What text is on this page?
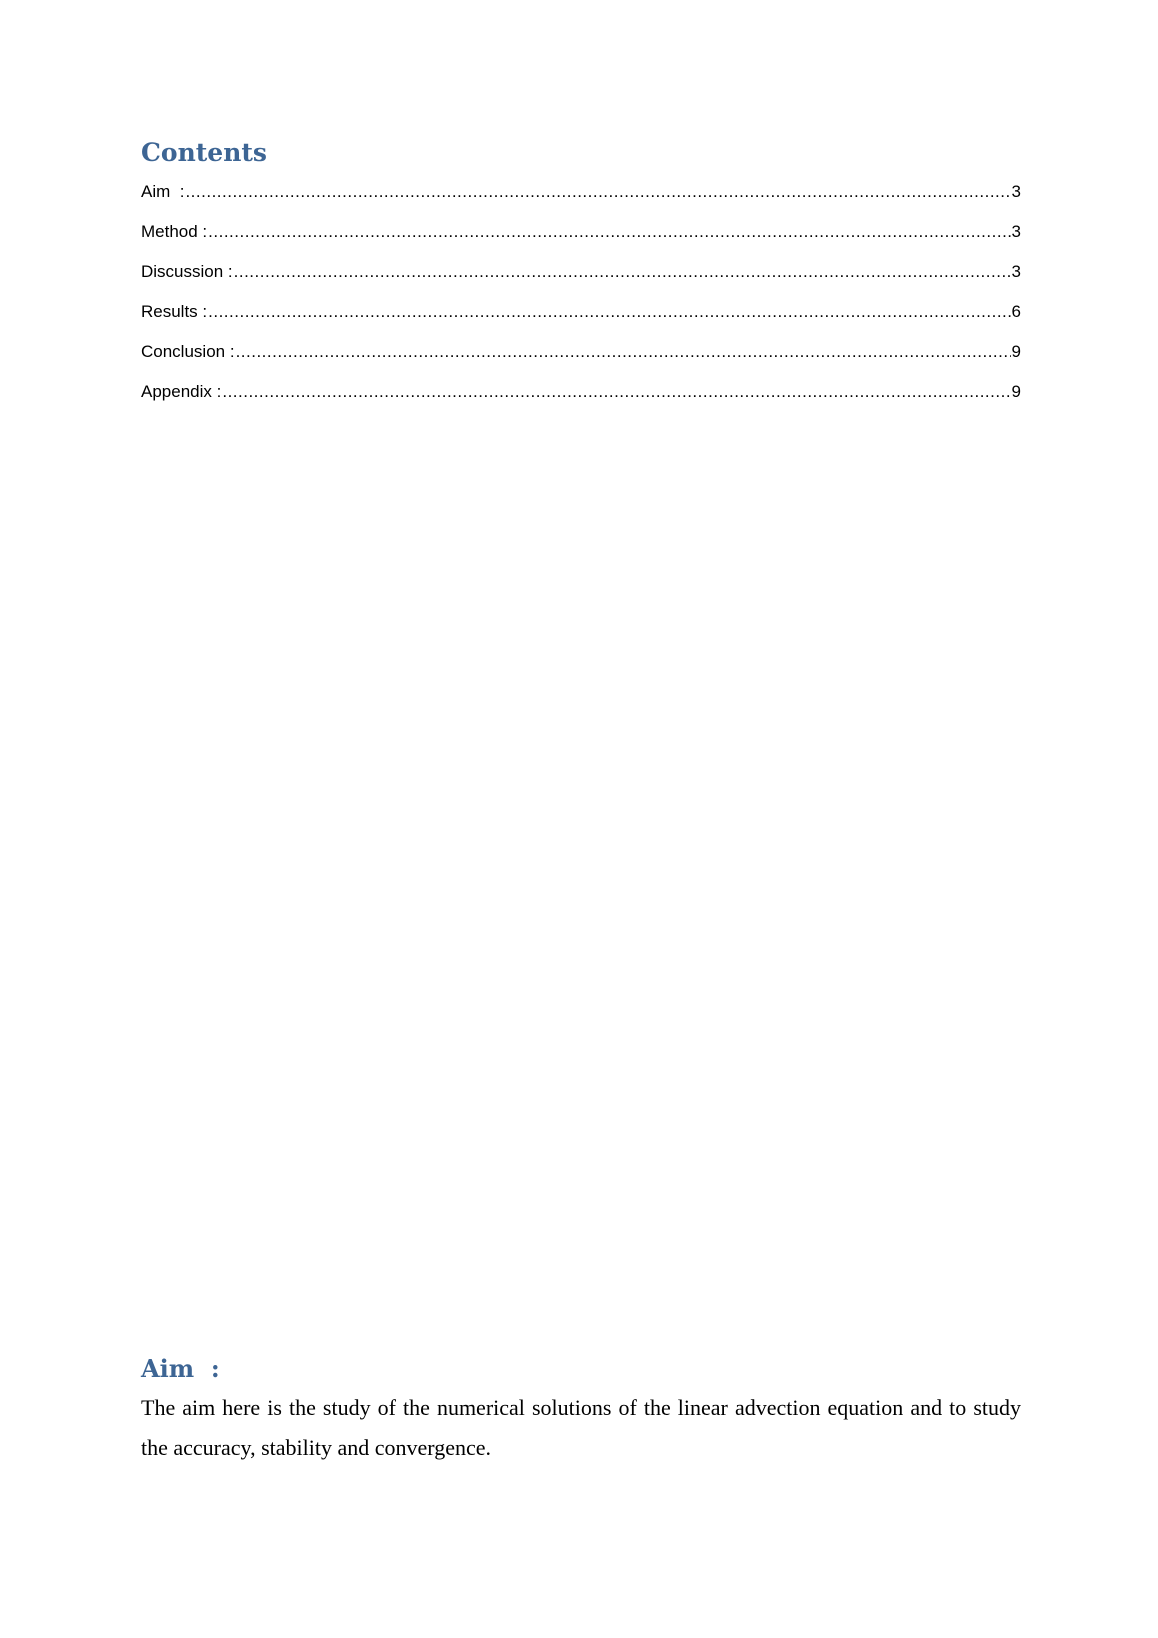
Contents
Aim  : .....	3
Method : .....	3
Discussion : .....	3
Results : .....	6
Conclusion : .....	9
Appendix : .....	9
Aim  :

The aim here is the study of the numerical solutions of the linear advection equation and to study the accuracy, stability and convergence.
